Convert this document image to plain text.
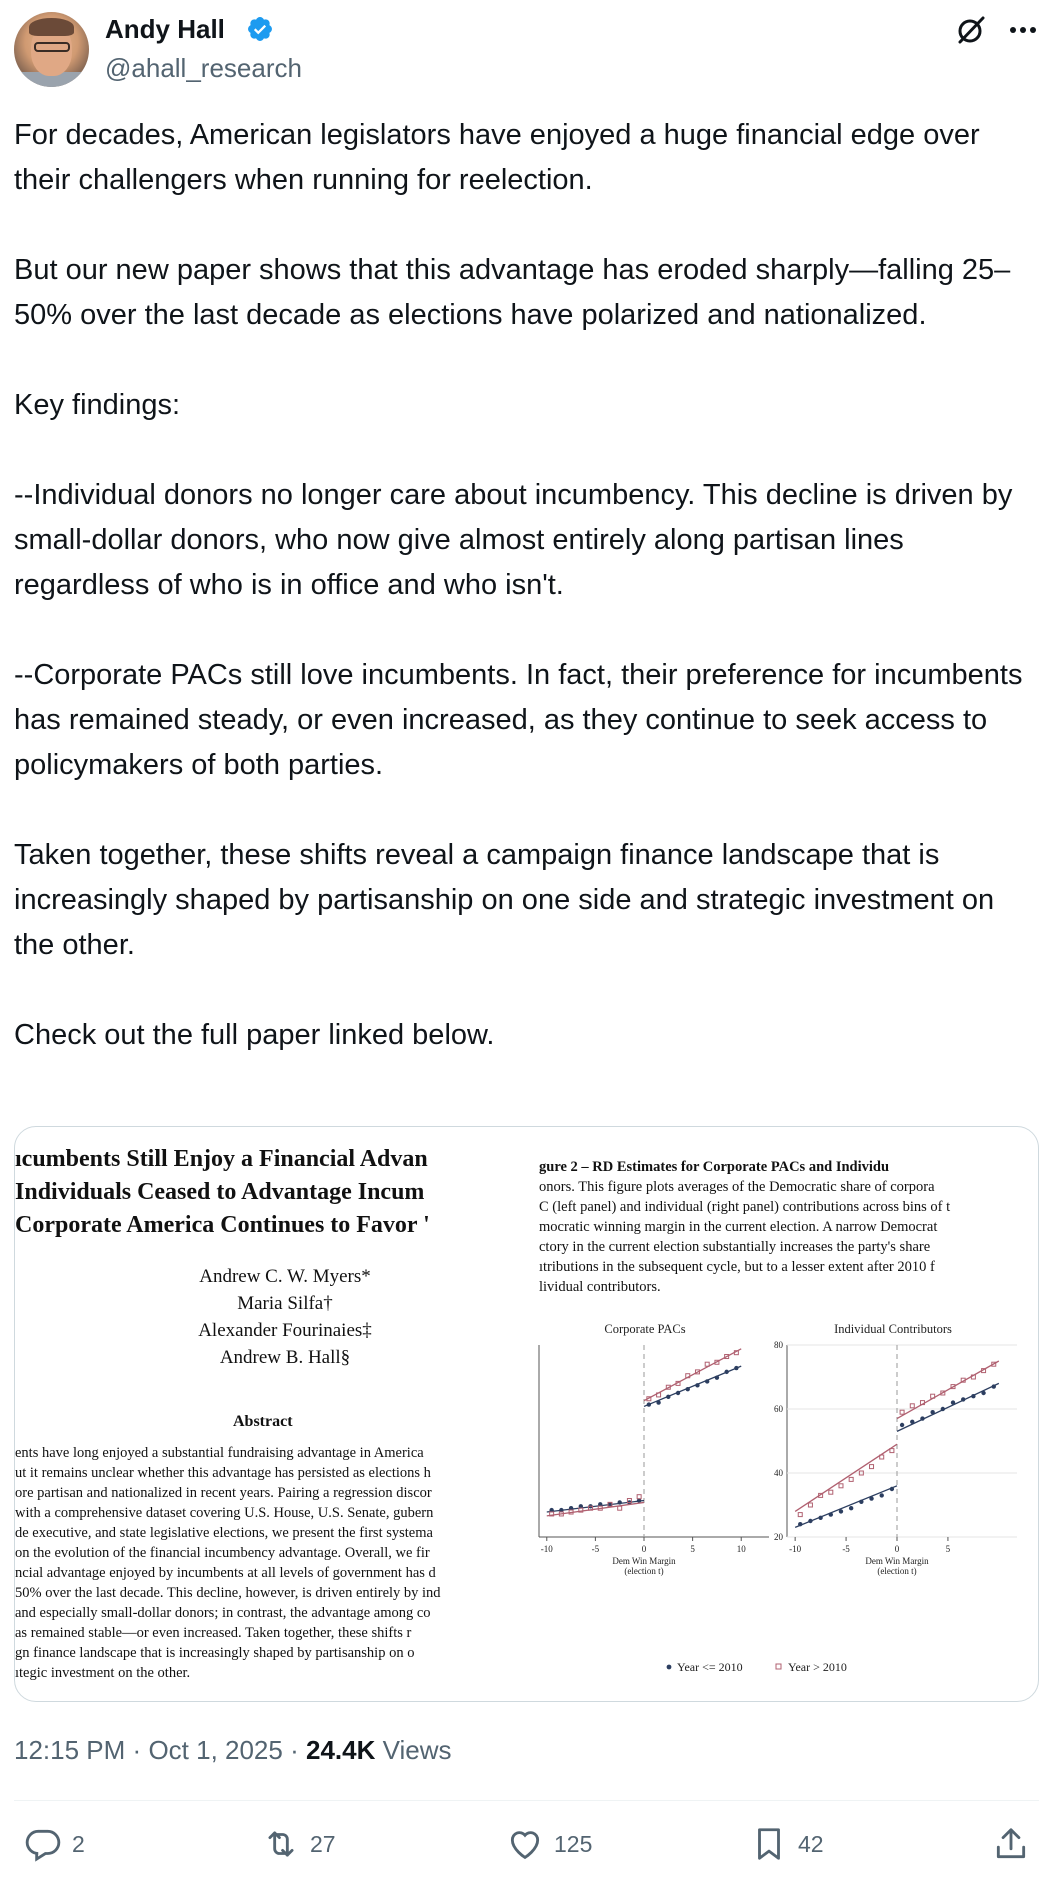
Andy Hall
@ahall_research

For decades, American legislators have enjoyed a huge financial edge over their challengers when running for reelection.

But our new paper shows that this advantage has eroded sharply—falling 25–50% over the last decade as elections have polarized and nationalized.

Key findings:

--Individual donors no longer care about incumbency. This decline is driven by small-dollar donors, who now give almost entirely along partisan lines regardless of who is in office and who isn't.

--Corporate PACs still love incumbents. In fact, their preference for incumbents has remained steady, or even increased, as they continue to seek access to policymakers of both parties.

Taken together, these shifts reveal a campaign finance landscape that is increasingly shaped by partisanship on one side and strategic investment on the other.

Check out the full paper linked below.

ıcumbents Still Enjoy a Financial Advan
Individuals Ceased to Advantage Incum
Corporate America Continues to Favor '
Andrew C. W. Myers*
Maria Silfa†
Alexander Fourinaies‡
Andrew B. Hall§
Abstract
ents have long enjoyed a substantial fundraising advantage in America
ut it remains unclear whether this advantage has persisted as elections h
ore partisan and nationalized in recent years. Pairing a regression discor
with a comprehensive dataset covering U.S. House, U.S. Senate, gubern
de executive, and state legislative elections, we present the first systema
on the evolution of the financial incumbency advantage. Overall, we fir
ncial advantage enjoyed by incumbents at all levels of government has d
50% over the last decade. This decline, however, is driven entirely by ind
and especially small-dollar donors; in contrast, the advantage among co
as remained stable—or even increased. Taken together, these shifts r
gn finance landscape that is increasingly shaped by partisanship on o
ıtegic investment on the other.
gure 2 – RD Estimates for Corporate PACs and Individu
onors. This figure plots averages of the Democratic share of corpora
C (left panel) and individual (right panel) contributions across bins of t
mocratic winning margin in the current election. A narrow Democrat
ctory in the current election substantially increases the party's share
ıtributions in the subsequent cycle, but to a lesser extent after 2010 f
lividual contributors.
Corporate PACs
-10	-5	0	5	10
Dem Win Margin
(election t)
Individual Contributors
20
40
60
80
-10	-5	0	5
Dem Win Margin
(election t)
Year <= 2010	Year > 2010
12:15 PM · Oct 1, 2025 · 24.4K Views
2	27	125	42
